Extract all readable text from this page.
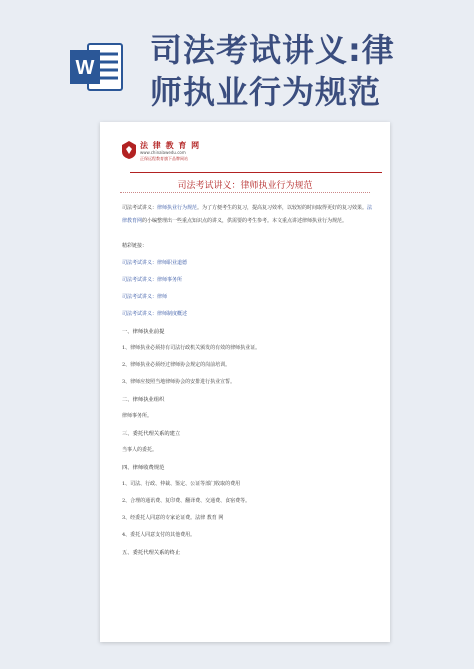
W 司法考试讲义:律
师执业行为规范
法 律 教 育 网
www.chinalawedu.com
正保远程教育旗下品牌网站
司法考试讲义：律师执业行为规范
司法考试讲义：律师执业行为规范。为了方便考生的复习，提高复习效率，以较短的时间取得更好的复习效果。法律教育网的小编整理出一些重点知识点的讲义，供需要的考生参考。本文重点讲述律师执业行为规范。
精彩链接：
司法考试讲义：律师职业道德
司法考试讲义：律师事务所
司法考试讲义：律师
司法考试讲义：律师制度概述
一、律师执业前提
1、律师执业必须持有司法行政机关颁发的有效的律师执业证。
2、律师执业必须经过律师协会规定的岗前培训。
3、律师应按照当地律师协会的安排进行执业宣誓。
二、律师执业组织
律师事务所。
三、委托代理关系的建立
当事人的委托。
四、律师收费规范
1、司法、行政、仲裁、鉴定、公证等部门收取的费用
2、合理的通讯费、复印费、翻译费、交通费、食宿费等。
3、经委托人同意的专家论证费。法律 教育 网
4、委托人同意支付的其他费用。
五、委托代理关系的终止
